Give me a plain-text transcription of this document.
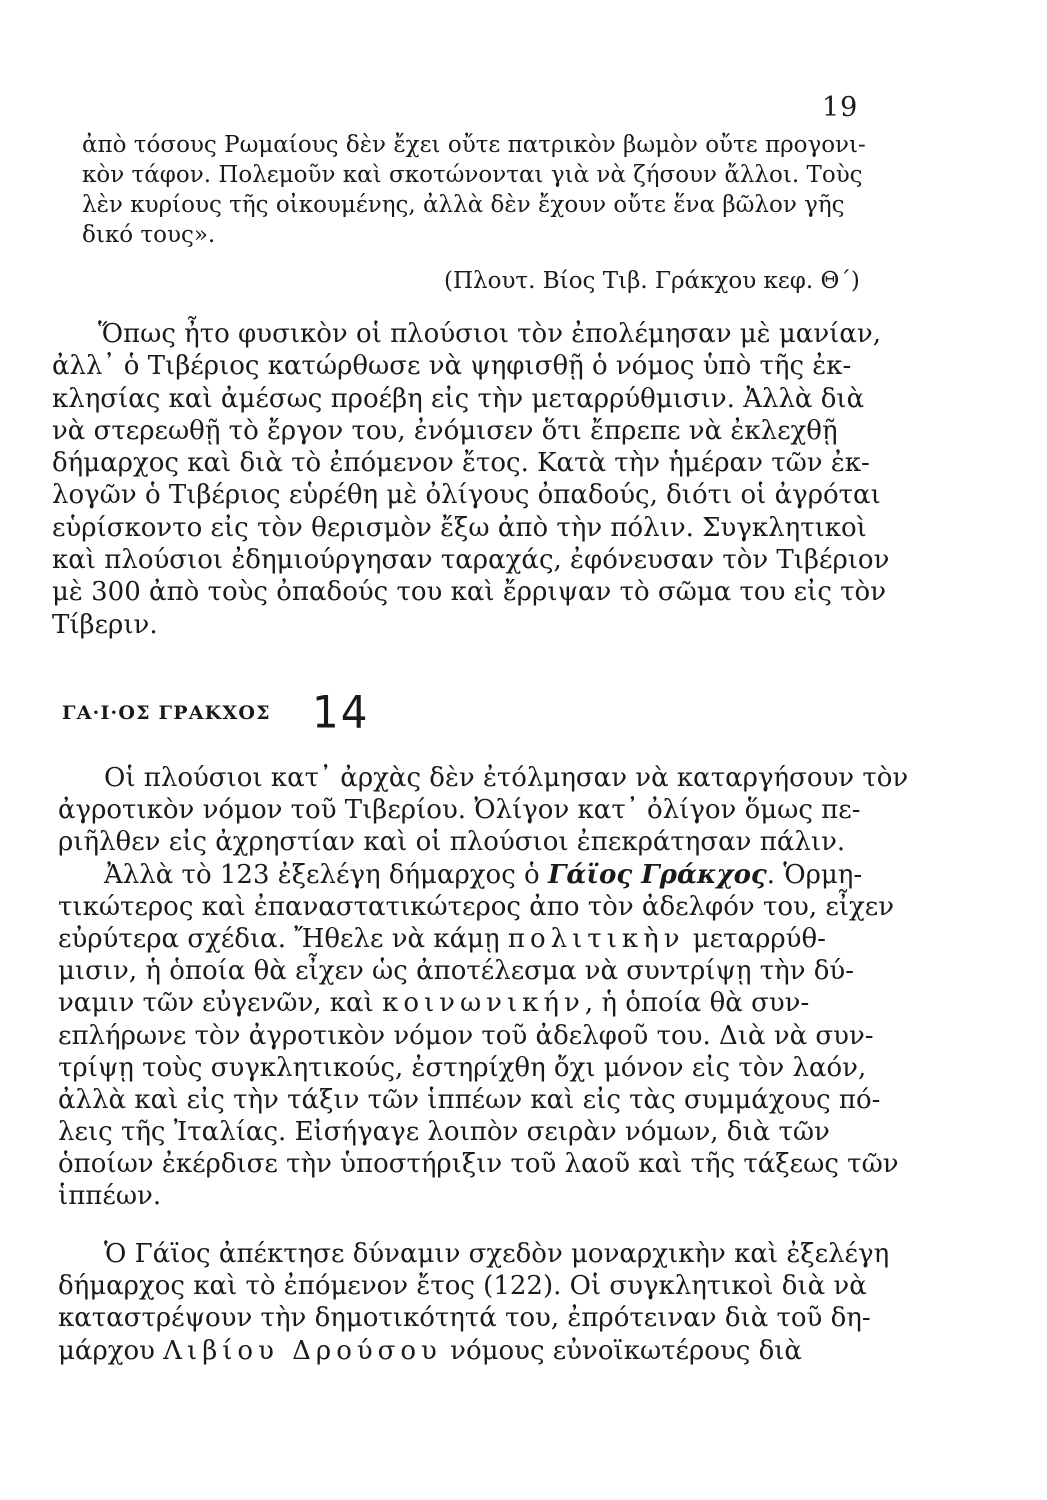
19
ἀπὸ τόσους Ρωμαίους δὲν ἔχει οὔτε πατρικὸν βωμὸν οὔτε προγονι-
κὸν τάφον. Πολεμοῦν καὶ σκοτώνονται γιὰ νὰ ζήσουν ἄλλοι. Τοὺς
λὲν κυρίους τῆς οἰκουμένης, ἀλλὰ δὲν ἔχουν οὔτε ἕνα βῶλον γῆς
δικό τους».
(Πλουτ. Βίος Τιβ. Γράκχου κεφ. Θ΄)
Ὅπως ἦτο φυσικὸν οἱ πλούσιοι τὸν ἐπολέμησαν μὲ μανίαν,
ἀλλ᾽ ὁ Τιβέριος κατώρθωσε νὰ ψηφισθῇ ὁ νόμος ὑπὸ τῆς ἐκ-
κλησίας καὶ ἀμέσως προέβη εἰς τὴν μεταρρύθμισιν. Ἀλλὰ διὰ
νὰ στερεωθῇ τὸ ἔργον του, ἐνόμισεν ὅτι ἔπρεπε νὰ ἐκλεχθῇ
δήμαρχος καὶ διὰ τὸ ἐπόμενον ἔτος. Κατὰ τὴν ἡμέραν τῶν ἐκ-
λογῶν ὁ Τιβέριος εὑρέθη μὲ ὀλίγους ὀπαδούς, διότι οἱ ἀγρόται
εὑρίσκοντο εἰς τὸν θερισμὸν ἔξω ἀπὸ τὴν πόλιν. Συγκλητικοὶ
καὶ πλούσιοι ἐδημιούργησαν ταραχάς, ἐφόνευσαν τὸν Τιβέριον
μὲ 300 ἀπὸ τοὺς ὀπαδούς του καὶ ἔρριψαν τὸ σῶμα του εἰς τὸν
Τίβεριν.
ΓΑ·Ι·ΟΣ ΓΡΑΚΧΟΣ 14
Οἱ πλούσιοι κατ᾽ ἀρχὰς δὲν ἐτόλμησαν νὰ καταργήσουν τὸν
ἀγροτικὸν νόμον τοῦ Τιβερίου. Ὀλίγον κατ᾽ ὀλίγον ὅμως πε-
ριῆλθεν εἰς ἀχρηστίαν καὶ οἱ πλούσιοι ἐπεκράτησαν πάλιν.
Ἀλλὰ τὸ 123 ἐξελέγη δήμαρχος ὁ Γάϊος Γράκχος. Ὁρμη-
τικώτερος καὶ ἐπαναστατικώτερος ἀπο τὸν ἀδελφόν του, εἶχεν
εὐρύτερα σχέδια. Ἤθελε νὰ κάμῃ πολιτικὴν μεταρρύθ-
μισιν, ἡ ὁποία θὰ εἶχεν ὡς ἀποτέλεσμα νὰ συντρίψῃ τὴν δύ-
ναμιν τῶν εὐγενῶν, καὶ κοινωνικήν, ἡ ὁποία θὰ συν-
επλήρωνε τὸν ἀγροτικὸν νόμον τοῦ ἀδελφοῦ του. Διὰ νὰ συν-
τρίψῃ τοὺς συγκλητικούς, ἐστηρίχθη ὄχι μόνον εἰς τὸν λαόν,
ἀλλὰ καὶ εἰς τὴν τάξιν τῶν ἱππέων καὶ εἰς τὰς συμμάχους πό-
λεις τῆς Ἰταλίας. Εἰσήγαγε λοιπὸν σειρὰν νόμων, διὰ τῶν
ὁποίων ἐκέρδισε τὴν ὑποστήριξιν τοῦ λαοῦ καὶ τῆς τάξεως τῶν
ἱππέων.
Ὁ Γάϊος ἀπέκτησε δύναμιν σχεδὸν μοναρχικὴν καὶ ἐξελέγη
δήμαρχος καὶ τὸ ἐπόμενον ἔτος (122). Οἱ συγκλητικοὶ διὰ νὰ
καταστρέψουν τὴν δημοτικότητά του, ἐπρότειναν διὰ τοῦ δη-
μάρχου Λιβίου Δρούσου νόμους εὐνοϊκωτέρους διὰ
